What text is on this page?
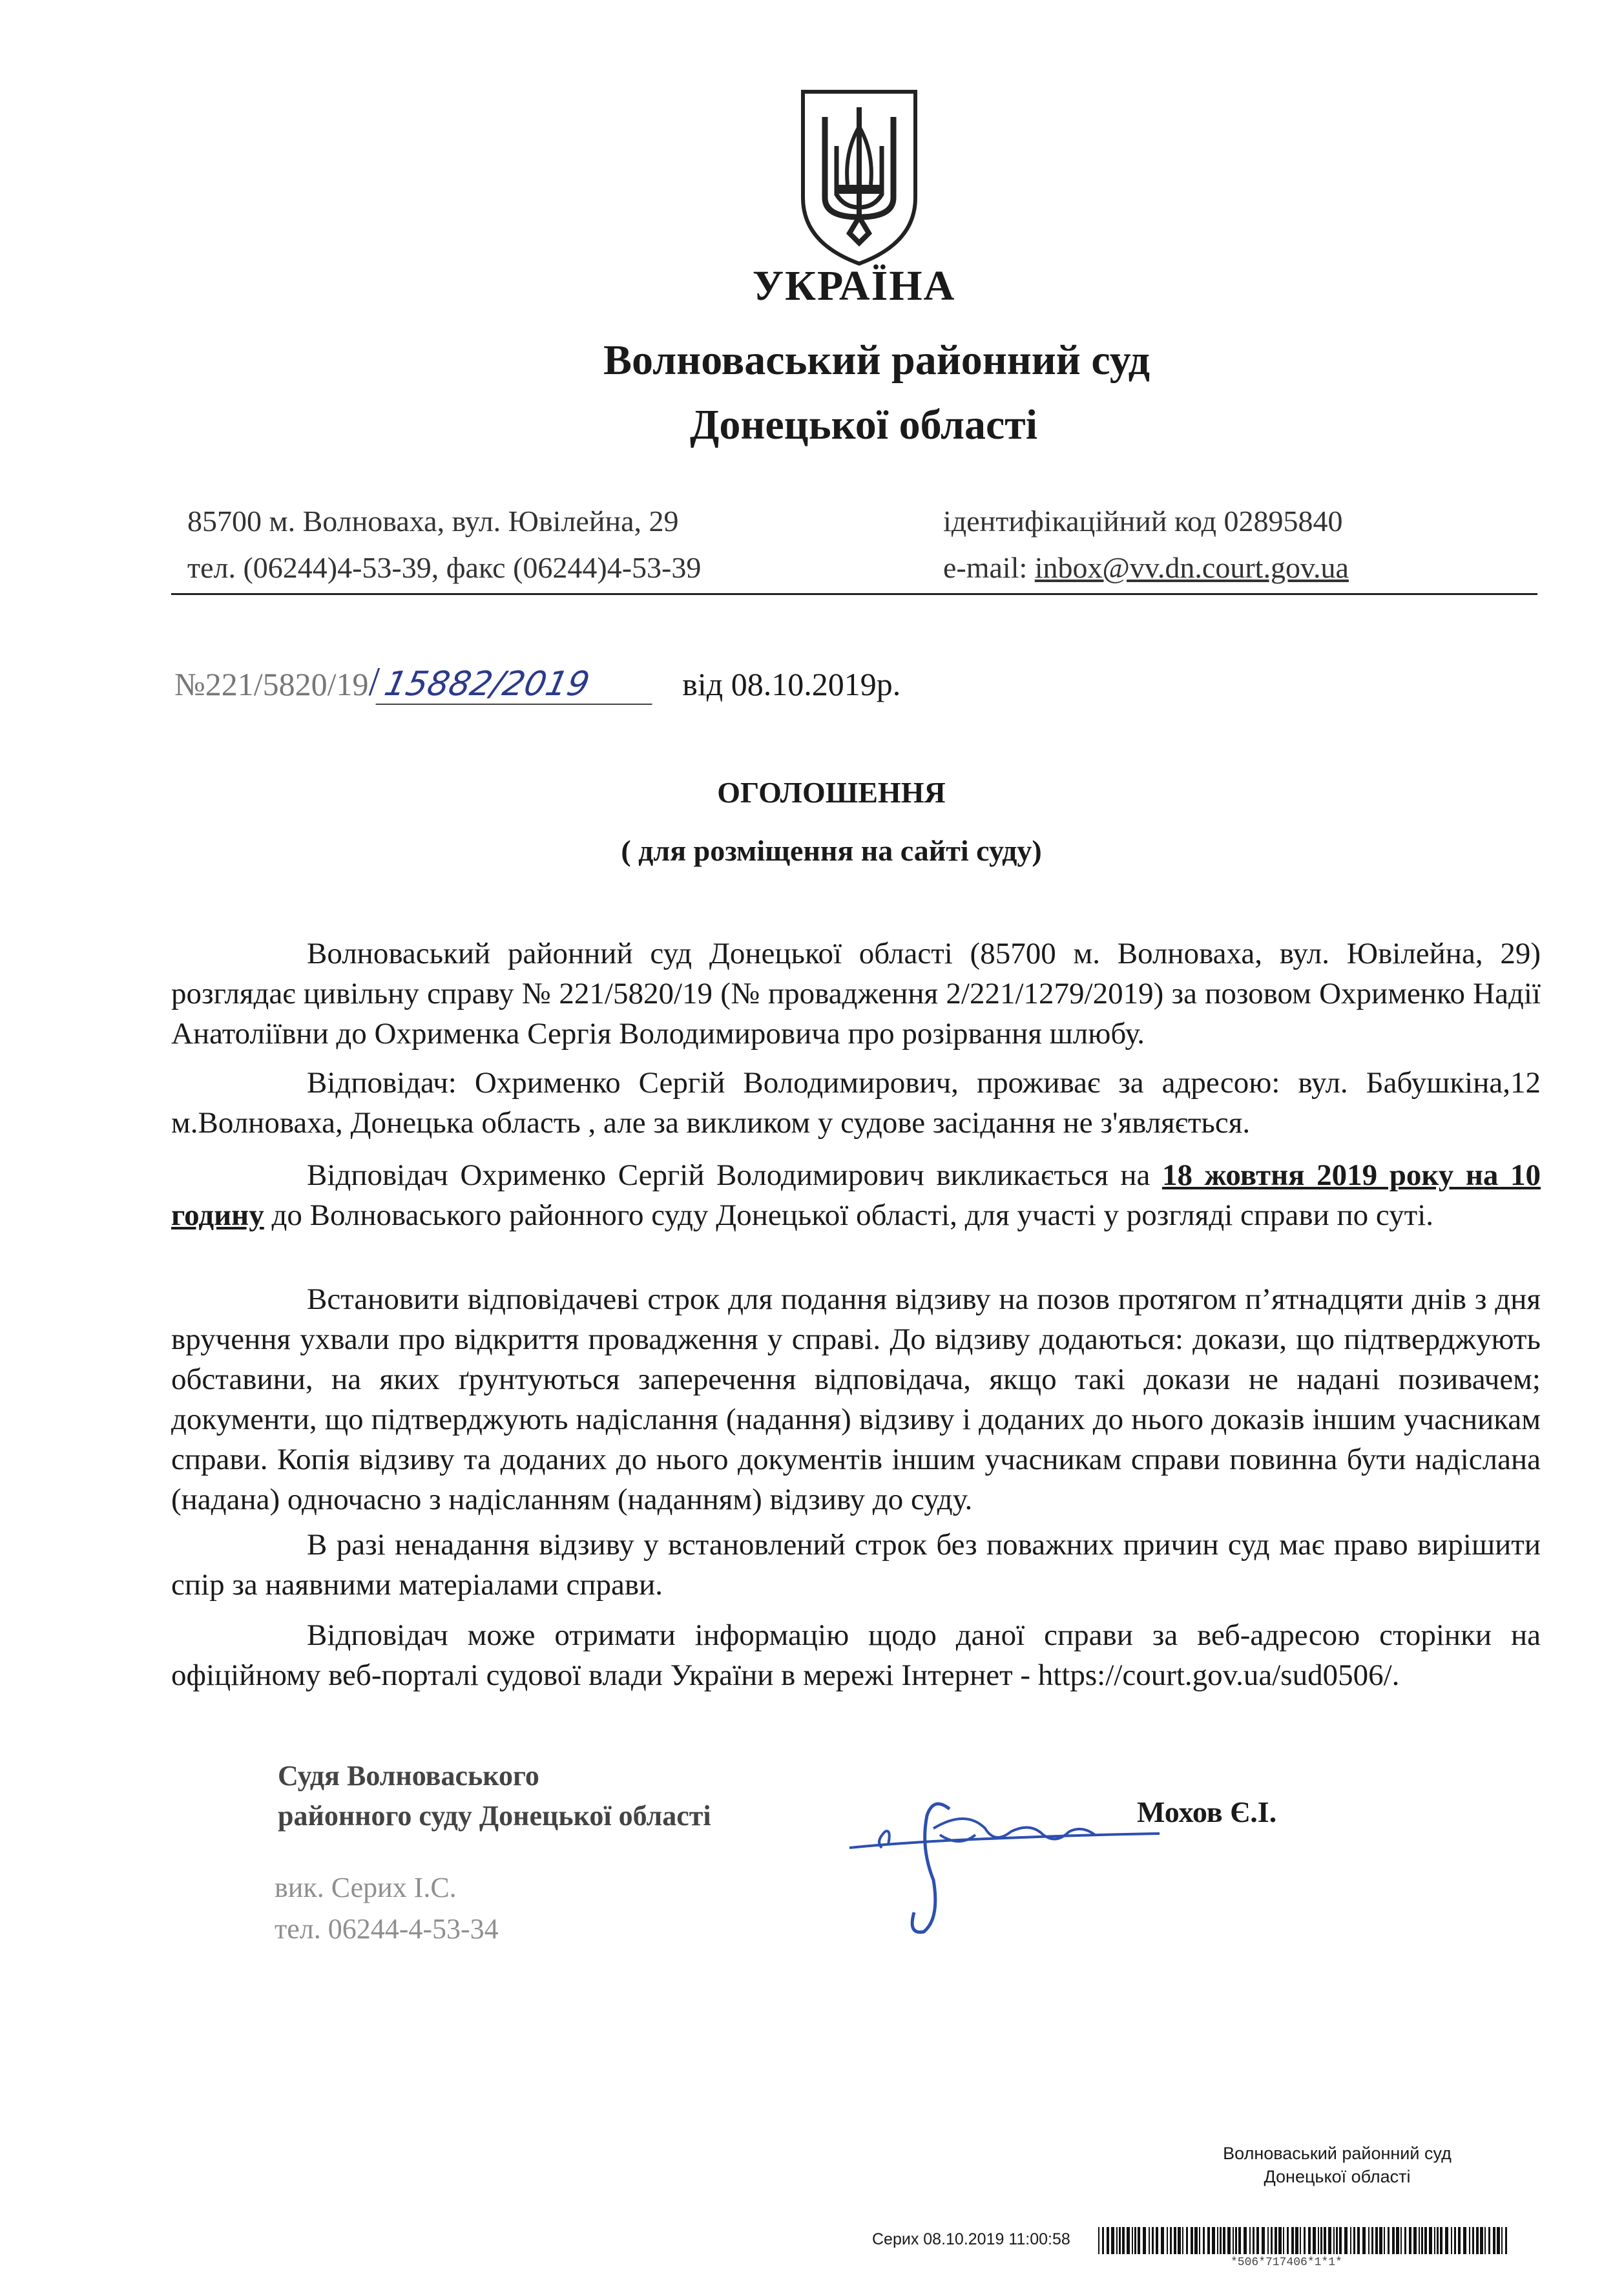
УКРАЇНА
Волноваський районний суд
Донецької області
85700 м. Волноваха, вул. Ювілейна, 29
тел. (06244)4-53-39, факс (06244)4-53-39
ідентифікаційний код 02895840
e-mail: inbox@vv.dn.court.gov.ua
№221/5820/19/15882/2019	від 08.10.2019р.
ОГОЛОШЕННЯ
( для розміщення на сайті суду)
Волноваський районний суд Донецької області (85700 м. Волноваха, вул. Ювілейна, 29) розглядає цивільну справу № 221/5820/19 (№ провадження 2/221/1279/2019) за позовом Охрименко Надії Анатоліївни до Охрименка Сергія Володимировича про розірвання шлюбу.
Відповідач: Охрименко Сергій Володимирович, проживає за адресою: вул. Бабушкіна,12 м.Волноваха, Донецька область , але за викликом у судове засідання не з'являється.
Відповідач Охрименко Сергій Володимирович викликається на 18 жовтня 2019 року на 10 годину до Волноваського районного суду Донецької області, для участі у розгляді справи по суті.
Встановити відповідачеві строк для подання відзиву на позов протягом п’ятнадцяти днів з дня вручення ухвали про відкриття провадження у справі. До відзиву додаються: докази, що підтверджують обставини, на яких ґрунтуються заперечення відповідача, якщо такі докази не надані позивачем; документи, що підтверджують надіслання (надання) відзиву і доданих до нього доказів іншим учасникам справи. Копія відзиву та доданих до нього документів іншим учасникам справи повинна бути надіслана (надана) одночасно з надісланням (наданням) відзиву до суду.
В разі ненадання відзиву у встановлений строк без поважних причин суд має право вирішити спір за наявними матеріалами справи.
Відповідач може отримати інформацію щодо даної справи за веб-адресою сторінки на офіційному веб-порталі судової влади України в мережі Інтернет - https://court.gov.ua/sud0506/.
Судя Волноваського
районного суду Донецької області	Мохов Є.І.
вик. Серих І.С.
тел. 06244-4-53-34
Волноваський районний суд
Донецької області
Серих 08.10.2019 11:00:58
*506*717406*1*1*
